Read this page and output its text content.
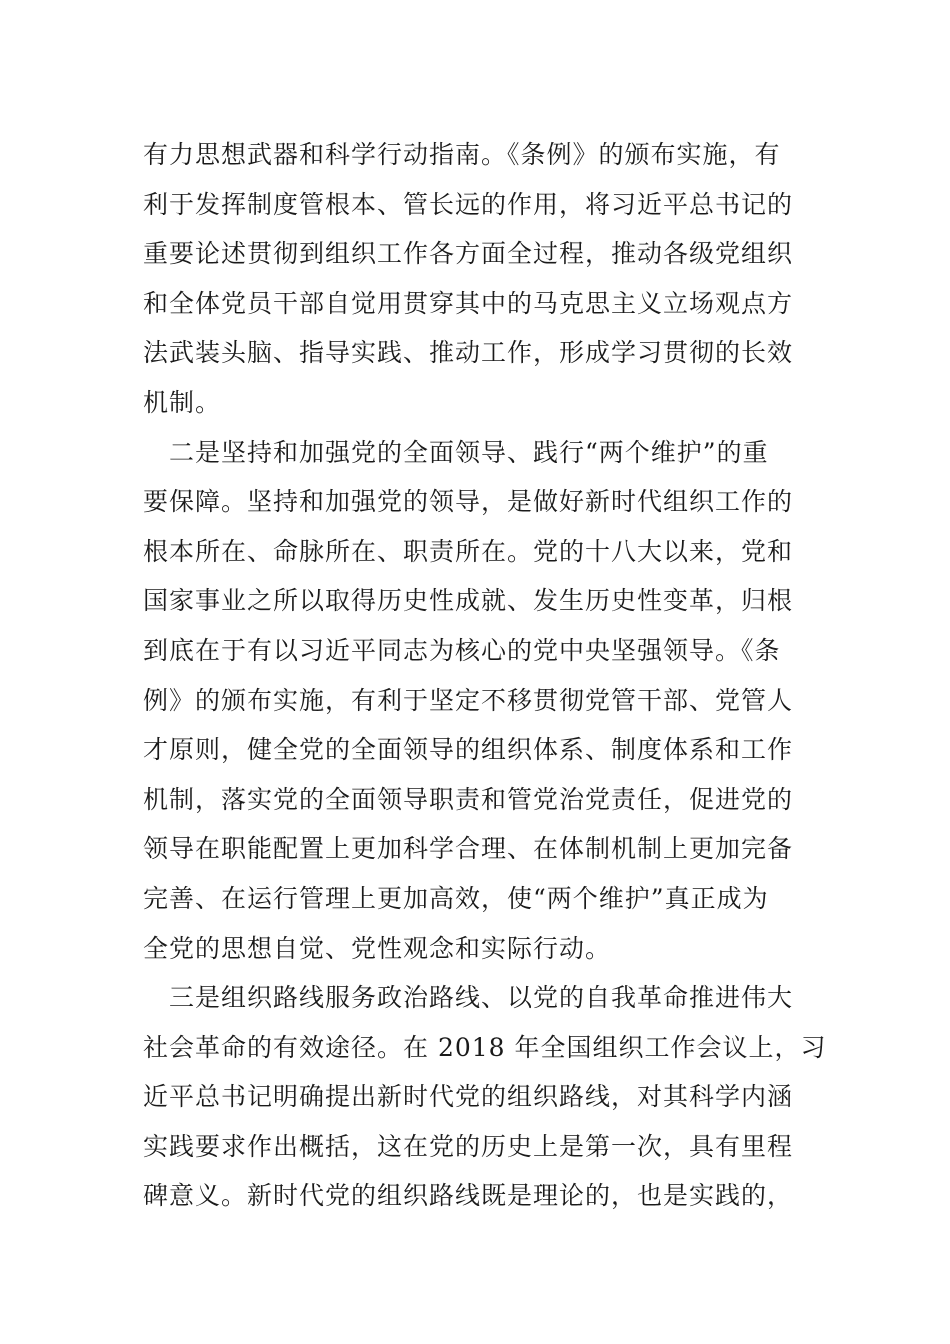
有力思想武器和科学行动指南。《条例》的颁布实施，有
利于发挥制度管根本、管长远的作用，将习近平总书记的
重要论述贯彻到组织工作各方面全过程，推动各级党组织
和全体党员干部自觉用贯穿其中的马克思主义立场观点方
法武装头脑、指导实践、推动工作，形成学习贯彻的长效
机制。
　二是坚持和加强党的全面领导、践行“两个维护”的重
要保障。坚持和加强党的领导，是做好新时代组织工作的
根本所在、命脉所在、职责所在。党的十八大以来，党和
国家事业之所以取得历史性成就、发生历史性变革，归根
到底在于有以习近平同志为核心的党中央坚强领导。《条
例》的颁布实施，有利于坚定不移贯彻党管干部、党管人
才原则，健全党的全面领导的组织体系、制度体系和工作
机制，落实党的全面领导职责和管党治党责任，促进党的
领导在职能配置上更加科学合理、在体制机制上更加完备
完善、在运行管理上更加高效，使“两个维护”真正成为
全党的思想自觉、党性观念和实际行动。
　三是组织路线服务政治路线、以党的自我革命推进伟大
社会革命的有效途径。在 2018 年全国组织工作会议上，习
近平总书记明确提出新时代党的组织路线，对其科学内涵
实践要求作出概括，这在党的历史上是第一次，具有里程
碑意义。新时代党的组织路线既是理论的，也是实践的，
